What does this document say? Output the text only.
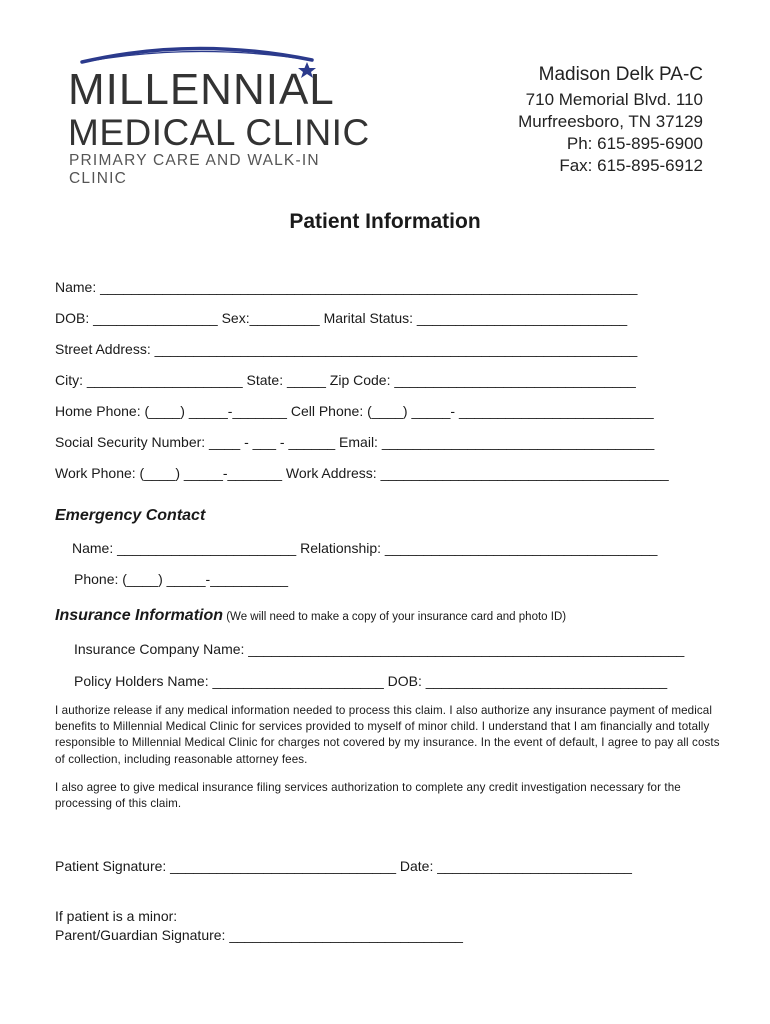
MILLENNIAL
MEDICAL CLINIC
PRIMARY CARE AND WALK-IN CLINIC
Madison Delk PA-C
710 Memorial Blvd. 110
Murfreesboro, TN 37129
Ph: 615-895-6900
Fax: 615-895-6912
Patient Information
Name: _____________________________________________________________________
DOB: ________________ Sex:_________ Marital Status: ___________________________
Street Address: ______________________________________________________________
City: ____________________ State: _____ Zip Code: _______________________________
Home Phone: (____) _____-_______ Cell Phone: (____) _____- _________________________
Social Security Number: ____ - ___ - ______ Email: ___________________________________
Work Phone: (____) _____-_______ Work Address: _____________________________________
Emergency Contact
Name: _______________________ Relationship: ___________________________________
Phone: (____) _____-__________
Insurance Information (We will need to make a copy of your insurance card and photo ID)
Insurance Company Name: ________________________________________________________
Policy Holders Name: ______________________ DOB: _______________________________
I authorize release if any medical information needed to process this claim. I also authorize any insurance payment of medical benefits to Millennial Medical Clinic for services provided to myself of minor child. I understand that I am financially and totally responsible to Millennial Medical Clinic for charges not covered by my insurance. In the event of default, I agree to pay all costs of collection, including reasonable attorney fees.
I also agree to give medical insurance filing services authorization to complete any credit investigation necessary for the processing of this claim.
Patient Signature: _____________________________ Date: _________________________
If patient is a minor:
Parent/Guardian Signature: ______________________________
